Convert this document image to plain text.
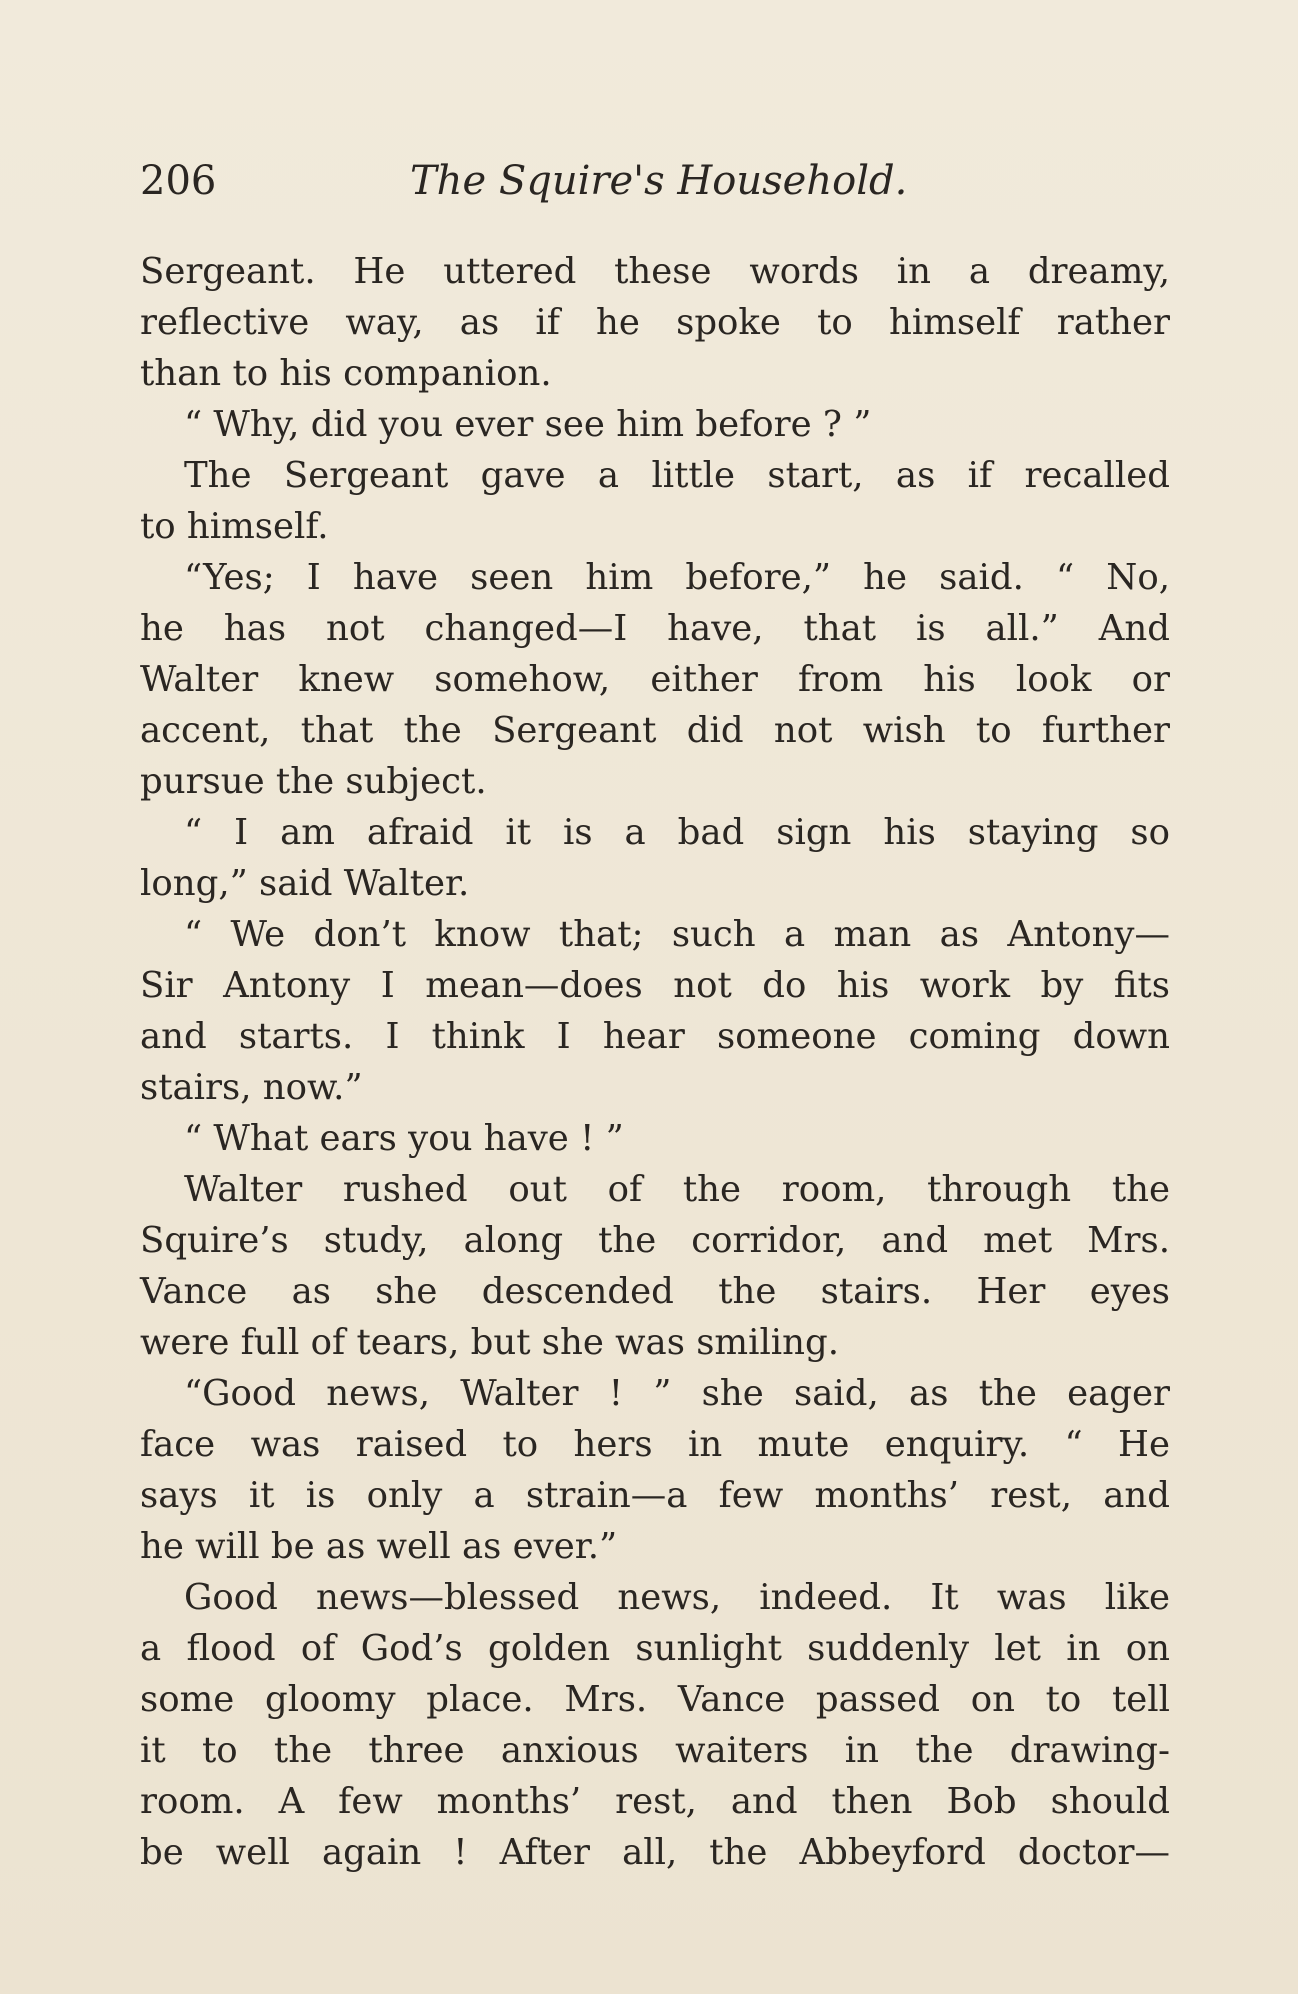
206	The Squire's Household.
Sergeant. He uttered these words in a dreamy,
reflective way, as if he spoke to himself rather
than to his companion.
“ Why, did you ever see him before ? ”
The Sergeant gave a little start, as if recalled
to himself.
“Yes; I have seen him before,” he said. “ No,
he has not changed—I have, that is all.” And
Walter knew somehow, either from his look or
accent, that the Sergeant did not wish to further
pursue the subject.
“ I am afraid it is a bad sign his staying so
long,” said Walter.
“ We don’t know that; such a man as Antony—
Sir Antony I mean—does not do his work by fits
and starts. I think I hear someone coming down
stairs, now.”
“ What ears you have ! ”
Walter rushed out of the room, through the
Squire’s study, along the corridor, and met Mrs.
Vance as she descended the stairs. Her eyes
were full of tears, but she was smiling.
“Good news, Walter ! ” she said, as the eager
face was raised to hers in mute enquiry. “ He
says it is only a strain—a few months’ rest, and
he will be as well as ever.”
Good news—blessed news, indeed. It was like
a flood of God’s golden sunlight suddenly let in on
some gloomy place. Mrs. Vance passed on to tell
it to the three anxious waiters in the drawing-
room. A few months’ rest, and then Bob should
be well again ! After all, the Abbeyford doctor—
